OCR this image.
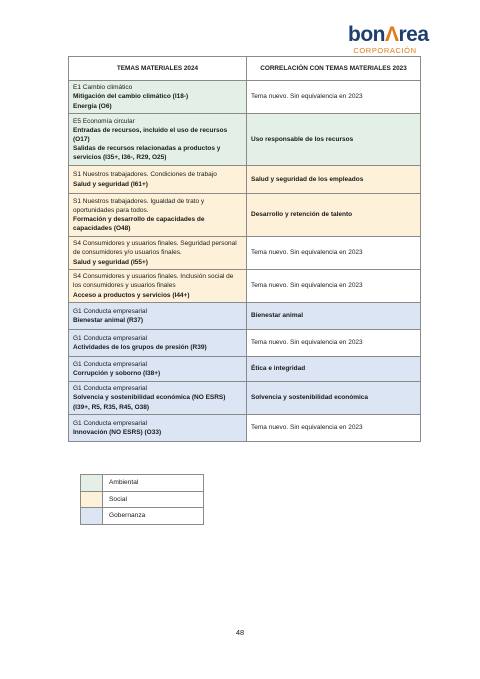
bonɅrea
CORPORACIÓN
TEMAS MATERIALES 2024	CORRELACIÓN CON TEMAS MATERIALES 2023

E1 Cambio climático
Mitigación del cambio climático (I18-)
Energía (O6)	Tema nuevo. Sin equivalencia en 2023

E5 Economía circular
Entradas de recursos, incluido el uso de recursos (O17)
Salidas de recursos relacionadas a productos y servicios (I35+, I36-, R29, O25)	Uso responsable de los recursos

S1 Nuestros trabajadores. Condiciones de trabajo
Salud y seguridad (I61+)	Salud y seguridad de los empleados

S1 Nuestros trabajadores. Igualdad de trato y oportunidades para todos.
Formación y desarrollo de capacidades de capacidades (O48)	Desarrollo y retención de talento

S4 Consumidores y usuarios finales. Seguridad personal de consumidores y/o usuarios finales.
Salud y seguridad (I55+)	Tema nuevo. Sin equivalencia en 2023

S4 Consumidores y usuarios finales. Inclusión social de los consumidores y usuarios finales
Acceso a productos y servicios (I44+)	Tema nuevo. Sin equivalencia en 2023

G1 Conducta empresarial
Bienestar animal (R37)	Bienestar animal

G1 Conducta empresarial
Actividades de los grupos de presión (R39)	Tema nuevo. Sin equivalencia en 2023

G1 Conducta empresarial
Corrupción y soborno (I38+)	Ética e integridad

G1 Conducta empresarial
Solvencia y sostenibilidad económica (NO ESRS) (I39+, R5, R35, R45, O38)	Solvencia y sostenibilidad económica

G1 Conducta empresarial
Innovación (NO ESRS) (O33)	Tema nuevo. Sin equivalencia en 2023
	Ambiental
	Social
	Gobernanza
48
